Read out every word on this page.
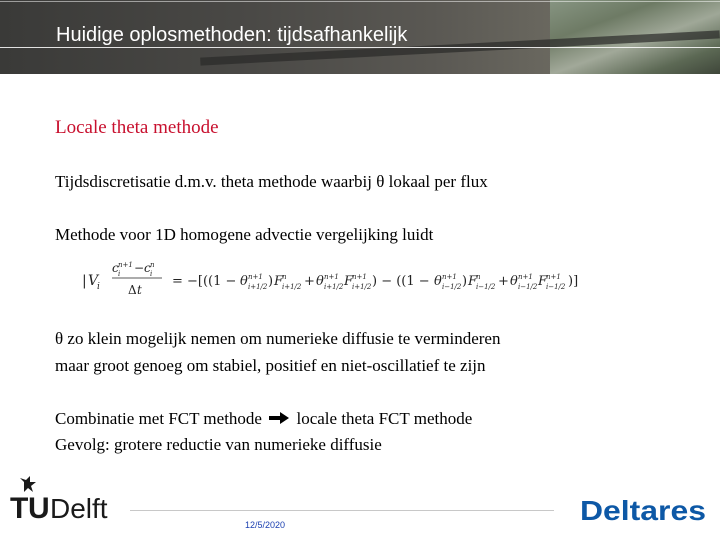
Huidige oplosmethoden: tijdsafhankelijk
Locale theta methode
Tijdsdiscretisatie d.m.v. theta methode waarbij θ lokaal per flux
Methode voor 1D homogene advectie vergelijking luidt
| V
i
c n+1
i − c n
i
Δ t
= −[((1 − θ n+1
i+1/2 ) F
n
i+1/2 + θ n+1
i+1/2 F
n+1
i+1/2 ) − ((1 − θ n+1
i−1/2 ) F
n
i−1/2 + θ n+1
i−1/2 F
n+1
i−1/2 )]
θ zo klein mogelijk nemen om numerieke diffusie te verminderen
maar groot genoeg om stabiel, positief en niet-oscillatief te zijn
Combinatie met FCT methode locale theta FCT methode
Gevolg: grotere reductie van numerieke diffusie
T U Delft
12/5/2020	Deltares
